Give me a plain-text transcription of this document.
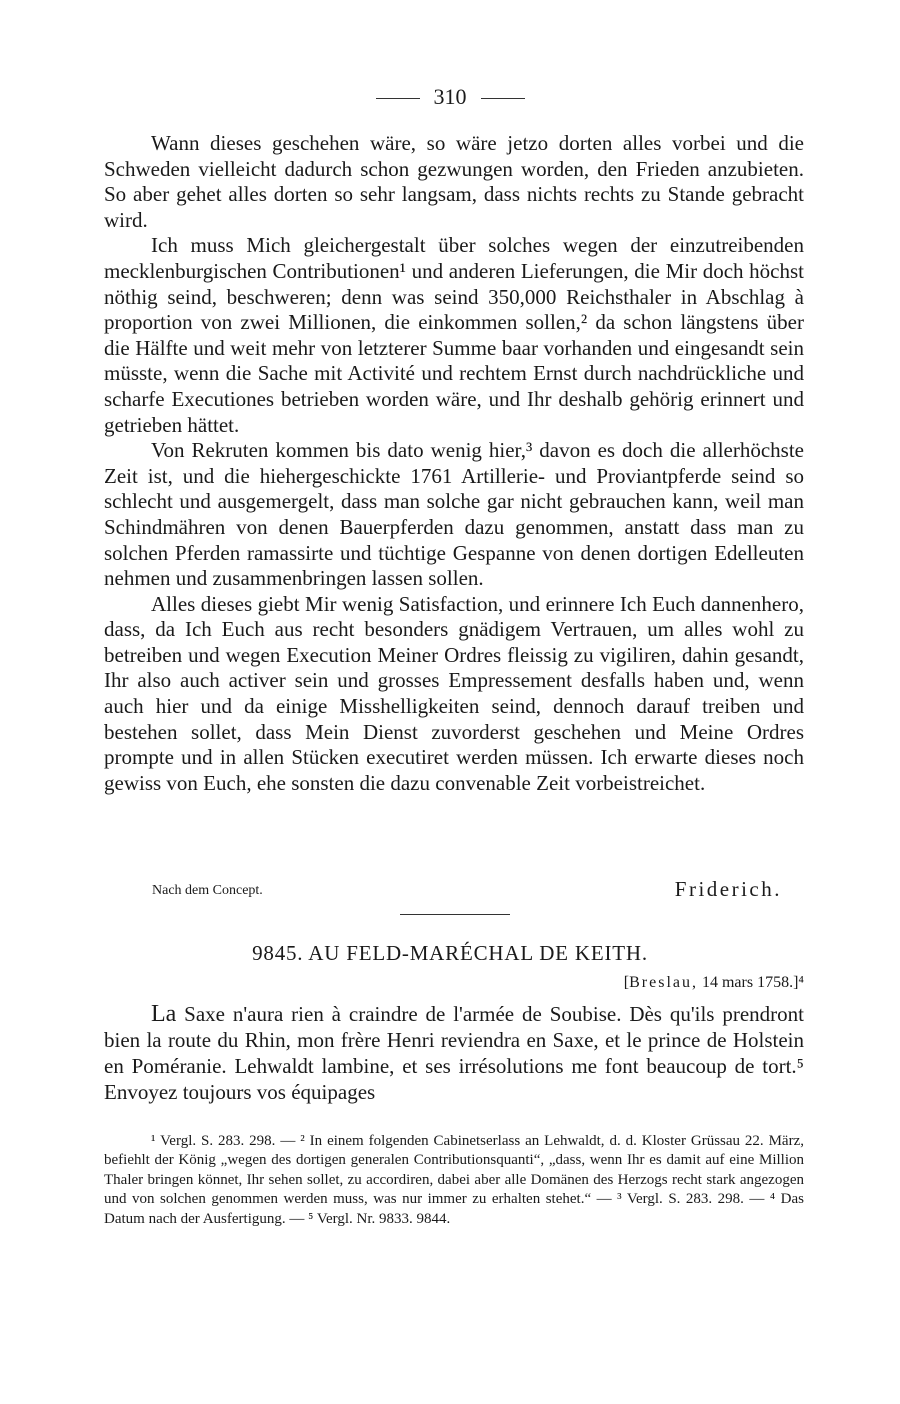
310

Wann dieses geschehen wäre, so wäre jetzo dorten alles vorbei und die Schweden vielleicht dadurch schon gezwungen worden, den Frieden anzubieten. So aber gehet alles dorten so sehr langsam, dass nichts rechts zu Stande gebracht wird.

Ich muss Mich gleichergestalt über solches wegen der einzutreibenden mecklenburgischen Contributionen¹ und anderen Lieferungen, die Mir doch höchst nöthig seind, beschweren; denn was seind 350,000 Reichsthaler in Abschlag à proportion von zwei Millionen, die einkommen sollen,² da schon längstens über die Hälfte und weit mehr von letzterer Summe baar vorhanden und eingesandt sein müsste, wenn die Sache mit Activité und rechtem Ernst durch nachdrückliche und scharfe Executiones betrieben worden wäre, und Ihr deshalb gehörig erinnert und getrieben hättet.

Von Rekruten kommen bis dato wenig hier,³ davon es doch die allerhöchste Zeit ist, und die hiehergeschickte 1761 Artillerie- und Proviantpferde seind so schlecht und ausgemergelt, dass man solche gar nicht gebrauchen kann, weil man Schindmähren von denen Bauerpferden dazu genommen, anstatt dass man zu solchen Pferden ramassirte und tüchtige Gespanne von denen dortigen Edelleuten nehmen und zusammenbringen lassen sollen.

Alles dieses giebt Mir wenig Satisfaction, und erinnere Ich Euch dannenhero, dass, da Ich Euch aus recht besonders gnädigem Vertrauen, um alles wohl zu betreiben und wegen Execution Meiner Ordres fleissig zu vigiliren, dahin gesandt, Ihr also auch activer sein und grosses Empressement desfalls haben und, wenn auch hier und da einige Misshelligkeiten seind, dennoch darauf treiben und bestehen sollet, dass Mein Dienst zuvorderst geschehen und Meine Ordres prompte und in allen Stücken executiret werden müssen. Ich erwarte dieses noch gewiss von Euch, ehe sonsten die dazu convenable Zeit vorbeistreichet.

Nach dem Concept.	Friderich.
9845. AU FELD-MARÉCHAL DE KEITH.
[Breslau, 14 mars 1758.]⁴

La Saxe n'aura rien à craindre de l'armée de Soubise. Dès qu'ils prendront bien la route du Rhin, mon frère Henri reviendra en Saxe, et le prince de Holstein en Poméranie. Lehwaldt lambine, et ses irrésolutions me font beaucoup de tort.⁵ Envoyez toujours vos équipages

¹ Vergl. S. 283. 298. — ² In einem folgenden Cabinetserlass an Lehwaldt, d. d. Kloster Grüssau 22. März, befiehlt der König „wegen des dortigen generalen Contributionsquanti“, „dass, wenn Ihr es damit auf eine Million Thaler bringen könnet, Ihr sehen sollet, zu accordiren, dabei aber alle Domänen des Herzogs recht stark angezogen und von solchen genommen werden muss, was nur immer zu erhalten stehet.“ — ³ Vergl. S. 283. 298. — ⁴ Das Datum nach der Ausfertigung. — ⁵ Vergl. Nr. 9833. 9844.
